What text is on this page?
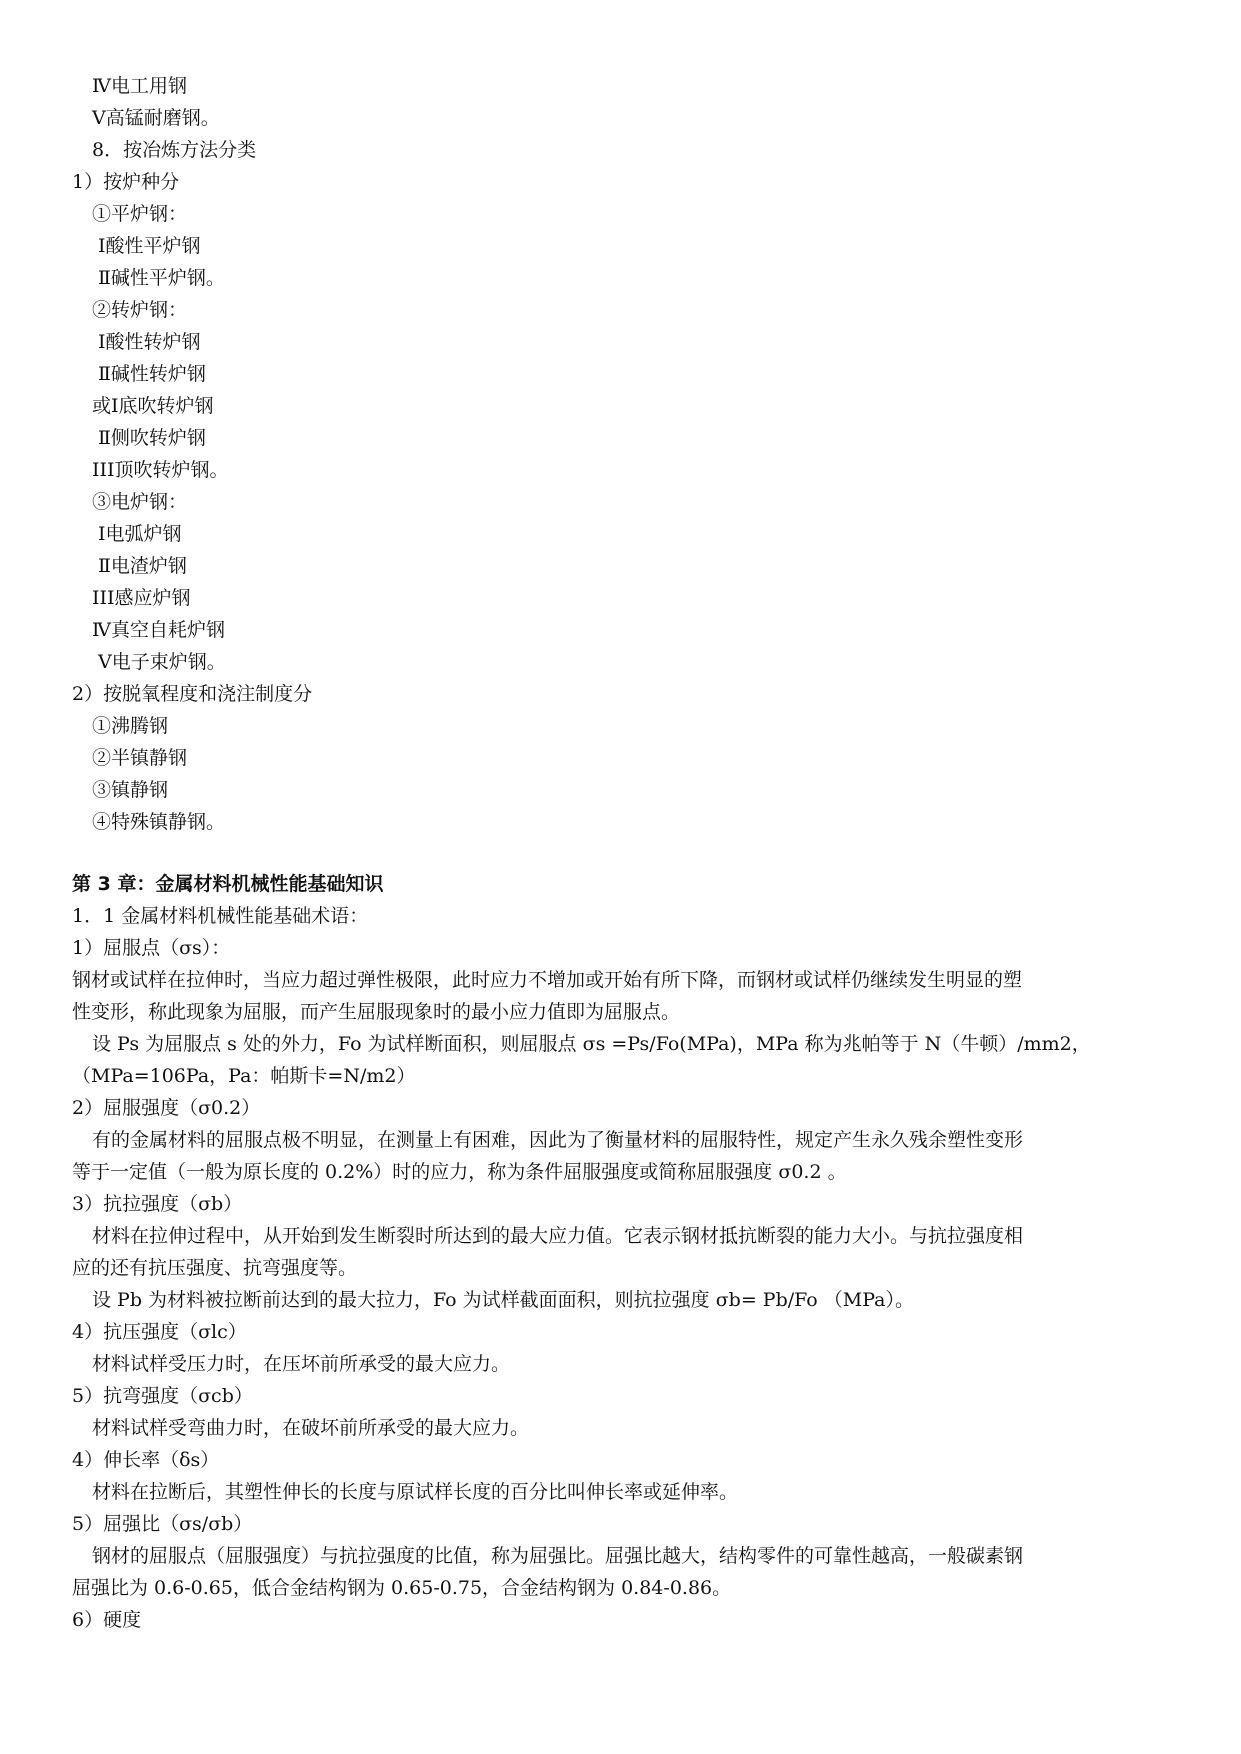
Ⅳ电工用钢
Ⅴ高锰耐磨钢。
8．按冶炼方法分类
1）按炉种分
①平炉钢：
Ⅰ酸性平炉钢
Ⅱ碱性平炉钢。
②转炉钢：
Ⅰ酸性转炉钢
Ⅱ碱性转炉钢
或Ⅰ底吹转炉钢
Ⅱ侧吹转炉钢
III顶吹转炉钢。
③电炉钢：
Ⅰ电弧炉钢
Ⅱ电渣炉钢
III感应炉钢
Ⅳ真空自耗炉钢
Ⅴ电子束炉钢。
2）按脱氧程度和浇注制度分
①沸腾钢
②半镇静钢
③镇静钢
④特殊镇静钢。
第 3 章：金属材料机械性能基础知识
1．1 金属材料机械性能基础术语：
1）屈服点（σs）：
钢材或试样在拉伸时，当应力超过弹性极限，此时应力不增加或开始有所下降，而钢材或试样仍继续发生明显的塑
性变形，称此现象为屈服，而产生屈服现象时的最小应力值即为屈服点。
设 Ps 为屈服点 s 处的外力，Fo 为试样断面积，则屈服点 σs =Ps/Fo(MPa)，MPa 称为兆帕等于 N（牛顿）/mm2，
（MPa=106Pa，Pa：帕斯卡=N/m2）
2）屈服强度（σ0.2）
有的金属材料的屈服点极不明显，在测量上有困难，因此为了衡量材料的屈服特性，规定产生永久残余塑性变形
等于一定值（一般为原长度的 0.2%）时的应力，称为条件屈服强度或简称屈服强度 σ0.2 。
3）抗拉强度（σb）
材料在拉伸过程中，从开始到发生断裂时所达到的最大应力值。它表示钢材抵抗断裂的能力大小。与抗拉强度相
应的还有抗压强度、抗弯强度等。
设 Pb 为材料被拉断前达到的最大拉力，Fo 为试样截面面积，则抗拉强度 σb= Pb/Fo （MPa）。
4）抗压强度（σlc）
材料试样受压力时，在压坏前所承受的最大应力。
5）抗弯强度（σcb）
材料试样受弯曲力时，在破坏前所承受的最大应力。
4）伸长率（δs）
材料在拉断后，其塑性伸长的长度与原试样长度的百分比叫伸长率或延伸率。
5）屈强比（σs/σb）
钢材的屈服点（屈服强度）与抗拉强度的比值，称为屈强比。屈强比越大，结构零件的可靠性越高，一般碳素钢
屈强比为 0.6-0.65，低合金结构钢为 0.65-0.75，合金结构钢为 0.84-0.86。
6）硬度
